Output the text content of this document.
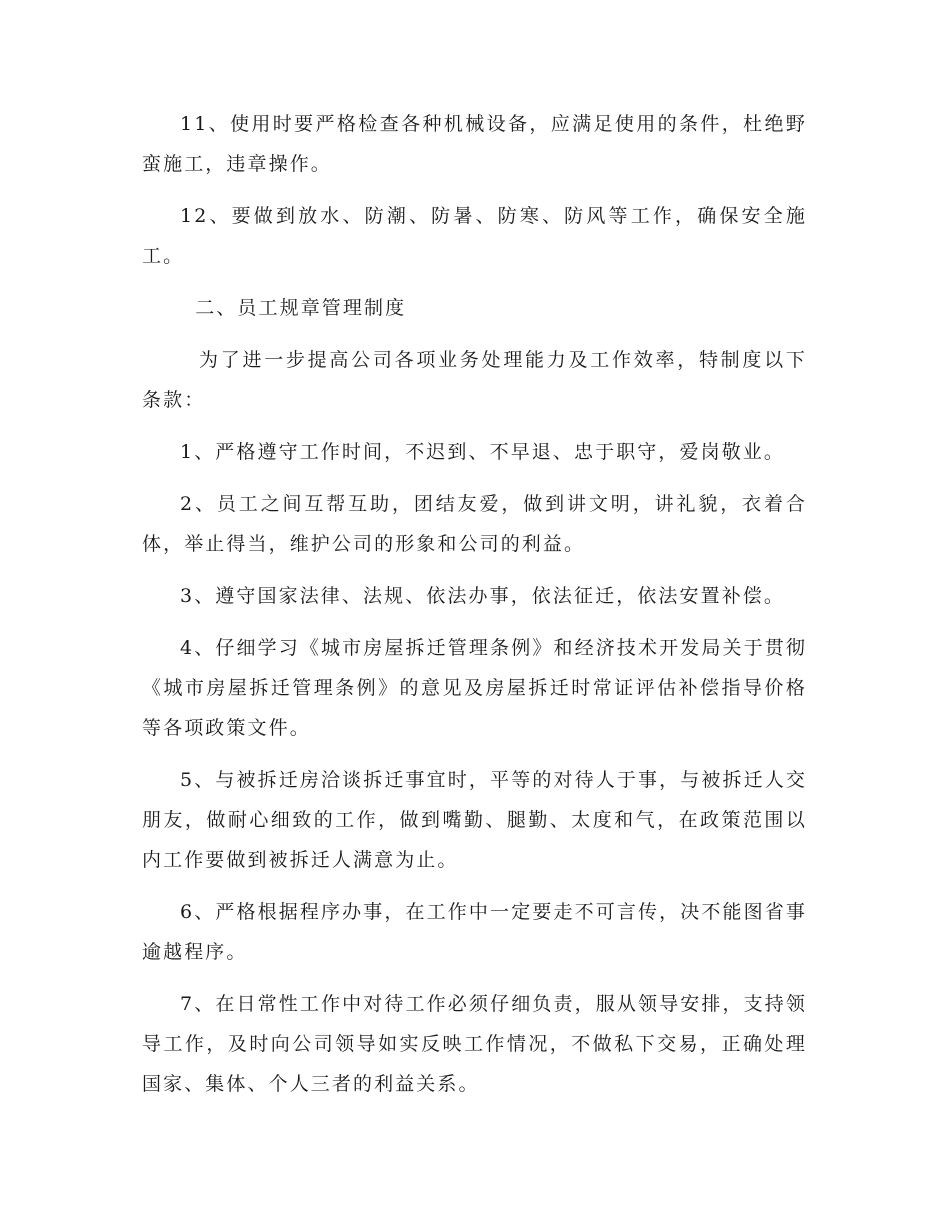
11、使用时要严格检查各种机械设备，应满足使用的条件，杜绝野蛮施工，违章操作。

12、要做到放水、防潮、防暑、防寒、防风等工作，确保安全施工。

二、员工规章管理制度

为了进一步提高公司各项业务处理能力及工作效率，特制度以下条款：

1、严格遵守工作时间，不迟到、不早退、忠于职守，爱岗敬业。

2、员工之间互帮互助，团结友爱，做到讲文明，讲礼貌，衣着合体，举止得当，维护公司的形象和公司的利益。

3、遵守国家法律、法规、依法办事，依法征迁，依法安置补偿。

4、仔细学习《城市房屋拆迁管理条例》和经济技术开发局关于贯彻《城市房屋拆迁管理条例》的意见及房屋拆迁时常证评估补偿指导价格等各项政策文件。

5、与被拆迁房洽谈拆迁事宜时，平等的对待人于事，与被拆迁人交朋友，做耐心细致的工作，做到嘴勤、腿勤、太度和气，在政策范围以内工作要做到被拆迁人满意为止。

6、严格根据程序办事，在工作中一定要走不可言传，决不能图省事逾越程序。

7、在日常性工作中对待工作必须仔细负责，服从领导安排，支持领导工作，及时向公司领导如实反映工作情况，不做私下交易，正确处理国家、集体、个人三者的利益关系。
